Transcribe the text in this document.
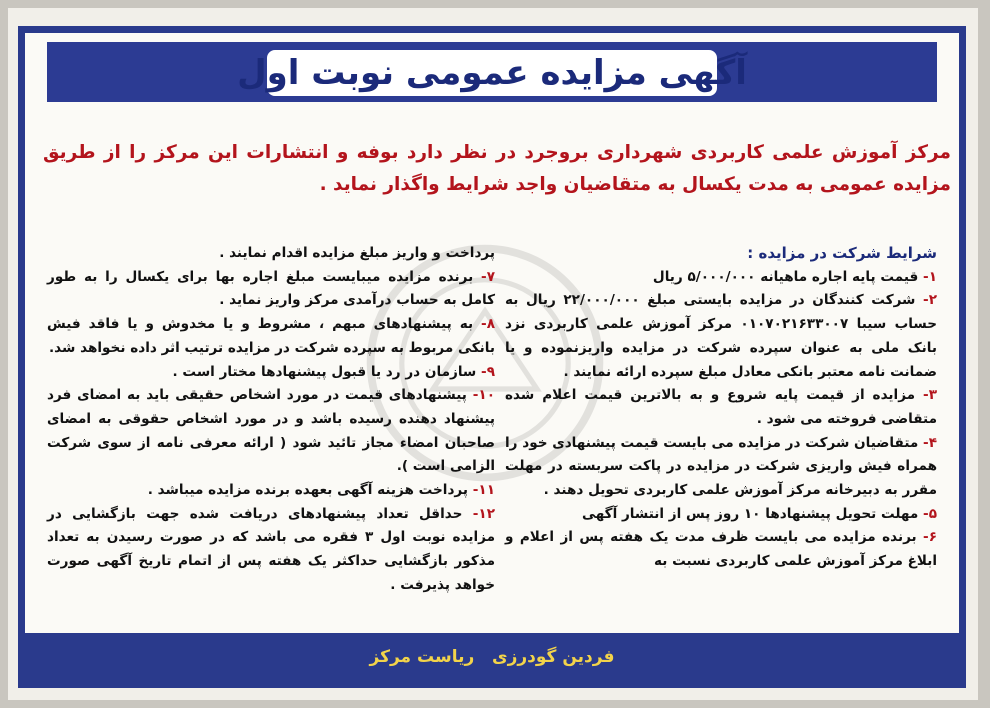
آگهی مزایده عمومی نوبت اول
مرکز آموزش علمی کاربردی شهرداری بروجرد در نظر دارد بوفه و انتشارات این مرکز را از طریق مزایده عمومی به مدت یکسال به متقاضیان واجد شرایط واگذار نماید .

شرایط شرکت در مزایده :

۱- قیمت پایه اجاره ماهیانه ۵/۰۰۰/۰۰۰ ریال

۲- شرکت کنندگان در مزایده بایستی مبلغ ۲۲/۰۰۰/۰۰۰ ریال به حساب سیبا ۰۱۰۷۰۲۱۶۳۳۰۰۷ مرکز آموزش علمی کاربردی نزد بانک ملی به عنوان سپرده شرکت در مزایده واریزنموده و یا ضمانت نامه معتبر بانکی معادل مبلغ سپرده ارائه نمایند .

۳- مزایده از قیمت پایه شروع و به بالاترین قیمت اعلام شده متقاضی فروخته می شود .

۴- متقاضیان شرکت در مزایده می بایست قیمت پیشنهادی خود را همراه فیش واریزی شرکت در مزایده در پاکت سربسته در مهلت مقرر به دبیرخانه مرکز آموزش علمی کاربردی تحویل دهند .

۵- مهلت تحویل پیشنهادها ۱۰ روز پس از انتشار آگهی

۶- برنده مزایده می بایست ظرف مدت یک هفته پس از اعلام و ابلاغ مرکز آموزش علمی کاربردی نسبت به

پرداخت و واریز مبلغ مزایده اقدام نمایند .

۷- برنده مزایده میبایست مبلغ اجاره بها برای یکسال را به طور کامل به حساب درآمدی مرکز واریز نماید .

۸- به پیشنهادهای مبهم ، مشروط و یا مخدوش و یا فاقد فیش بانکی مربوط به سپرده شرکت در مزایده ترتیب اثر داده نخواهد شد.

۹- سازمان در رد یا قبول پیشنهادها مختار است .

۱۰- پیشنهادهای قیمت در مورد اشخاص حقیقی باید به امضای فرد پیشنهاد دهنده رسیده باشد و در مورد اشخاص حقوقی به امضای صاحبان امضاء مجاز تائید شود ( ارائه معرفی نامه از سوی شرکت الزامی است ).

۱۱- پرداخت هزینه آگهی بعهده برنده مزایده میباشد .

۱۲- حداقل تعداد پیشنهادهای دریافت شده جهت بازگشایی در مزایده نوبت اول ۳ فقره می باشد که در صورت رسیدن به تعداد مذکور بازگشایی حداکثر یک هفته پس از اتمام تاریخ آگهی صورت خواهد پذیرفت .

فردین گودرزی   ریاست مرکز
